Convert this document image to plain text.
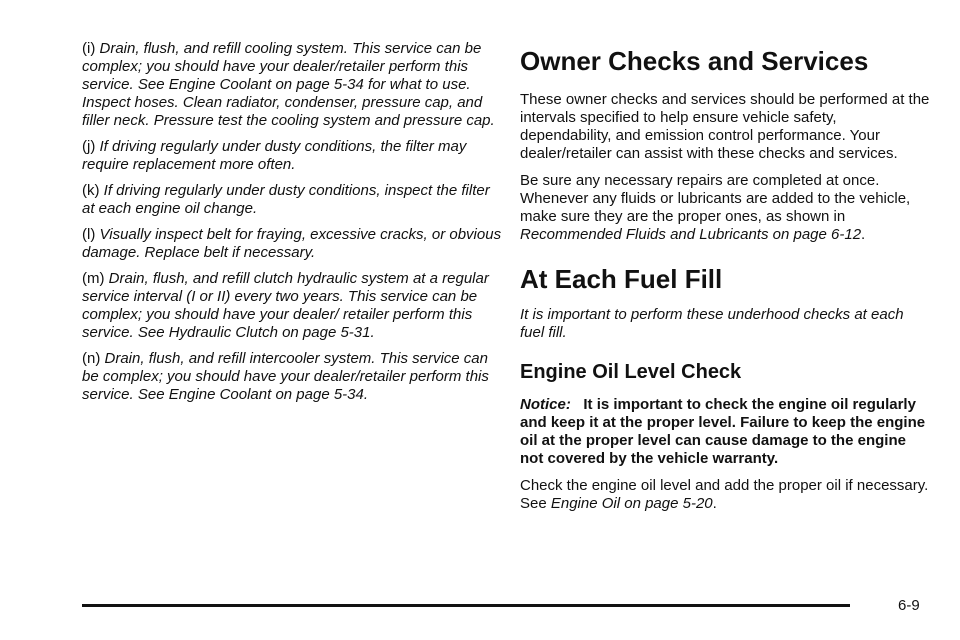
(i) Drain, flush, and refill cooling system. This service can be complex; you should have your dealer/retailer perform this service. See Engine Coolant on page 5-34 for what to use. Inspect hoses. Clean radiator, condenser, pressure cap, and filler neck. Pressure test the cooling system and pressure cap.

(j) If driving regularly under dusty conditions, the filter may require replacement more often.

(k) If driving regularly under dusty conditions, inspect the filter at each engine oil change.

(l) Visually inspect belt for fraying, excessive cracks, or obvious damage. Replace belt if necessary.

(m) Drain, flush, and refill clutch hydraulic system at a regular service interval (I or II) every two years. This service can be complex; you should have your dealer/ retailer perform this service. See Hydraulic Clutch on page 5-31.

(n) Drain, flush, and refill intercooler system. This service can be complex; you should have your dealer/retailer perform this service. See Engine Coolant on page 5-34.

Owner Checks and Services

These owner checks and services should be performed at the intervals specified to help ensure vehicle safety, dependability, and emission control performance. Your dealer/retailer can assist with these checks and services.

Be sure any necessary repairs are completed at once. Whenever any fluids or lubricants are added to the vehicle, make sure they are the proper ones, as shown in Recommended Fluids and Lubricants on page 6-12.

At Each Fuel Fill

It is important to perform these underhood checks at each fuel fill.

Engine Oil Level Check

Notice: It is important to check the engine oil regularly and keep it at the proper level. Failure to keep the engine oil at the proper level can cause damage to the engine not covered by the vehicle warranty.

Check the engine oil level and add the proper oil if necessary. See Engine Oil on page 5-20.

6-9
